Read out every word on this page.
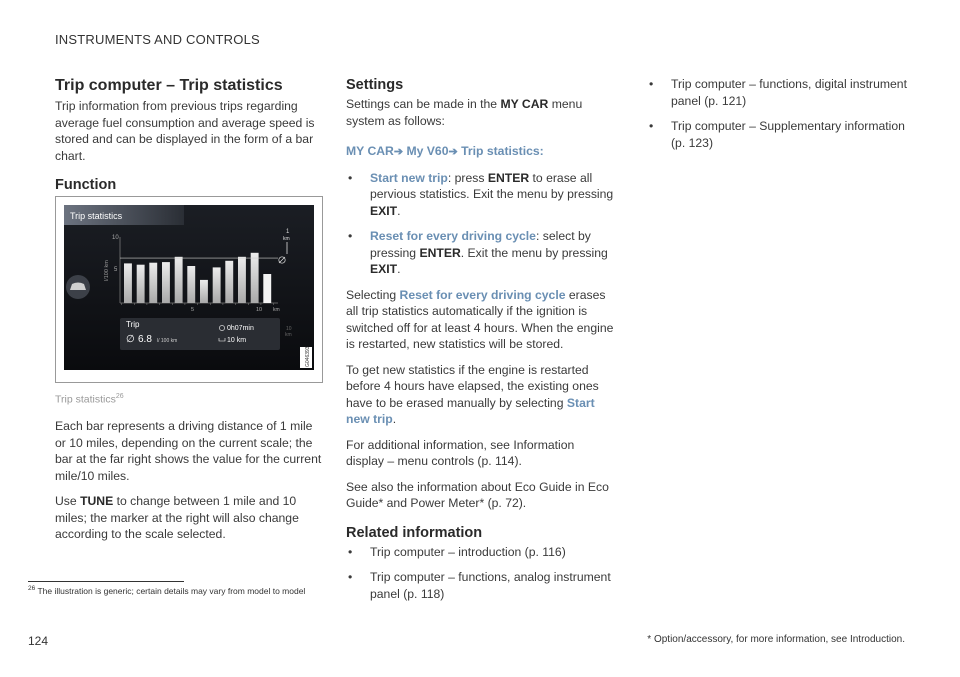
INSTRUMENTS AND CONTROLS
Trip computer – Trip statistics

Trip information from previous trips regarding average fuel consumption and average speed is stored and can be displayed in the form of a bar chart.

Function
Trip statistics
l/100 km
10
5
5	10 km
1
km
10
km
Trip
∅ 6.8 l/ 100 km
0h07min
10 km
G046393
Trip statistics$^{26}$

Each bar represents a driving distance of 1 mile or 10 miles, depending on the current scale; the bar at the far right shows the value for the current mile/10 miles.

Use TUNE to change between 1 mile and 10 miles; the marker at the right will also change according to the scale selected.

Settings

Settings can be made in the MY CAR menu system as follows:

MY CAR➔ My V60➔ Trip statistics:
• Start new trip: press ENTER to erase all pervious statistics. Exit the menu by pressing EXIT.
• Reset for every driving cycle: select by pressing ENTER. Exit the menu by pressing EXIT.

Selecting Reset for every driving cycle erases all trip statistics automatically if the ignition is switched off for at least 4 hours. When the engine is restarted, new statistics will be stored.

To get new statistics if the engine is restarted before 4 hours have elapsed, the existing ones have to be erased manually by selecting Start new trip.

For additional information, see Information display – menu controls (p. 114).

See also the information about Eco Guide in Eco Guide* and Power Meter* (p. 72).

Related information
• Trip computer – introduction (p. 116)
• Trip computer – functions, analog instrument panel (p. 118)
• Trip computer – functions, digital instrument panel (p. 121)
• Trip computer – Supplementary information (p. 123)
$^{26}$ The illustration is generic; certain details may vary from model to model
124	* Option/accessory, for more information, see Introduction.
